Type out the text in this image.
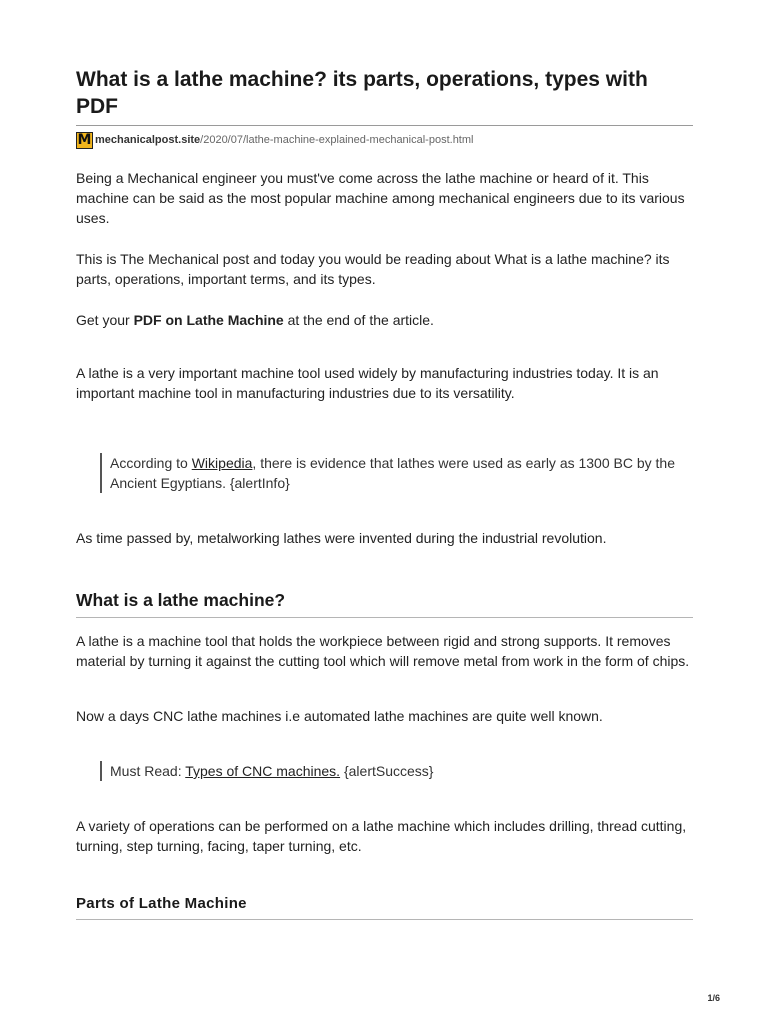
What is a lathe machine? its parts, operations, types with PDF
M mechanicalpost.site /2020/07/lathe-machine-explained-mechanical-post.html

Being a Mechanical engineer you must've come across the lathe machine or heard of it. This machine can be said as the most popular machine among mechanical engineers due to its various uses.

This is The Mechanical post and today you would be reading about What is a lathe machine? its parts, operations, important terms, and its types.

Get your PDF on Lathe Machine at the end of the article.

A lathe is a very important machine tool used widely by manufacturing industries today. It is an important machine tool in manufacturing industries due to its versatility.

According to Wikipedia, there is evidence that lathes were used as early as 1300 BC by the Ancient Egyptians. {alertInfo}

As time passed by, metalworking lathes were invented during the industrial revolution.

What is a lathe machine?

A lathe is a machine tool that holds the workpiece between rigid and strong supports. It removes material by turning it against the cutting tool which will remove metal from work in the form of chips.

Now a days CNC lathe machines i.e automated lathe machines are quite well known.

Must Read: Types of CNC machines. {alertSuccess}

A variety of operations can be performed on a lathe machine which includes drilling, thread cutting, turning, step turning, facing, taper turning, etc.

Parts of Lathe Machine
1/6
